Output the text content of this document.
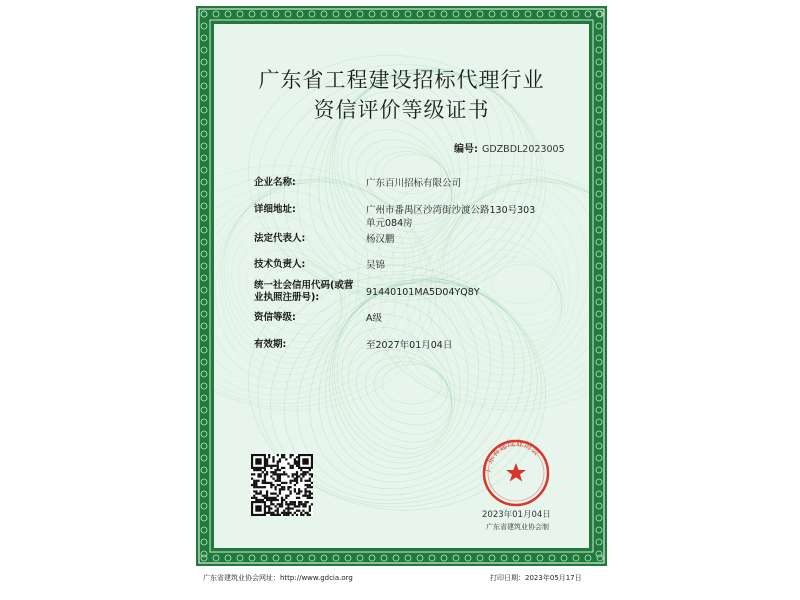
广东省工程建设招标代理行业
资信评价等级证书
编号: GDZBDL2023005
企业名称:	广东百川招标有限公司
详细地址:	广州市番禺区沙湾街沙渡公路130号303单元084房
法定代表人:	杨汉鹏
技术负责人:	吴锦
统一社会信用代码(或营业执照注册号):	91440101MA5D04YQ8Y
资信等级:	A级
有效期:	至2027年01月04日
广东省建设业协会
2023年01月04日
广东省建筑业协会制
广东省建筑业协会网址：http://www.gdcia.org	打印日期：2023年05月17日
